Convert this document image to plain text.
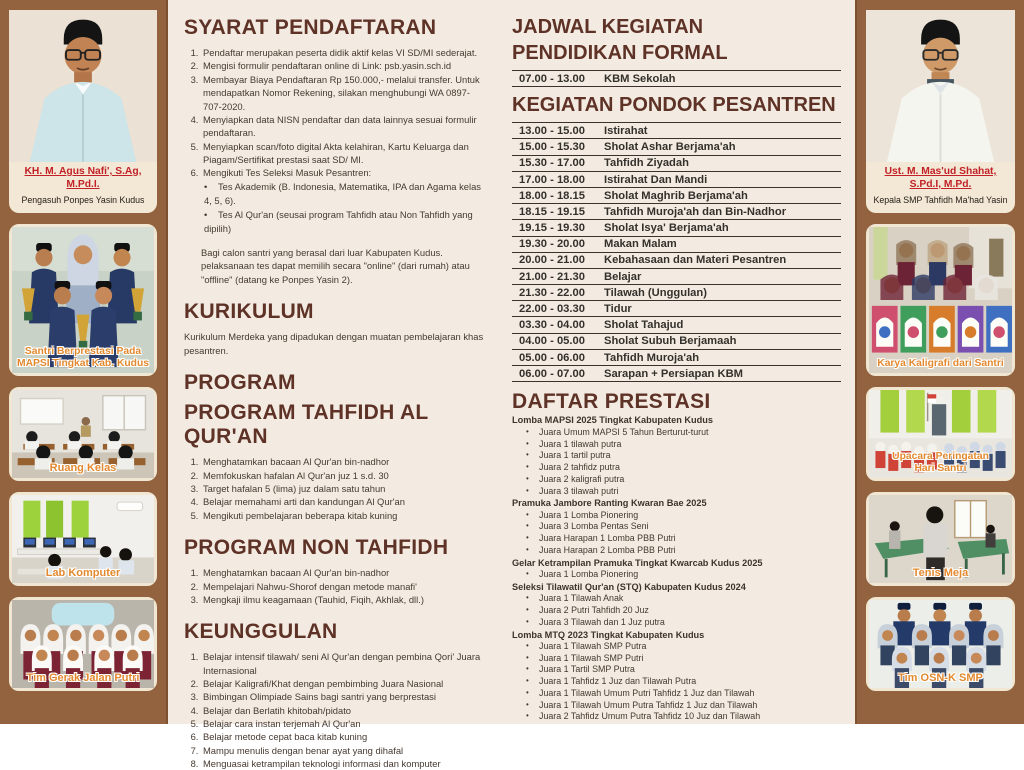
KH. M. Agus Nafi', S.Ag, M.Pd.I.
Pengasuh Ponpes Yasin Kudus
Santri Berprestasi Pada
MAPSI Tingkat Kab. Kudus
Ruang Kelas
Lab Komputer
Tim Gerak Jalan Putri
SYARAT PENDAFTARAN
1. Pendaftar merupakan peserta didik aktif kelas VI SD/MI sederajat.
2. Mengisi formulir pendaftaran online di Link: psb.yasin.sch.id
3. Membayar Biaya Pendaftaran Rp 150.000,- melalui transfer. Untuk mendapatkan Nomor Rekening, silakan menghubungi WA 0897-707-2020.
4. Menyiapkan data NISN pendaftar dan data lainnya sesuai formulir pendaftaran.
5. Menyiapkan scan/foto digital Akta kelahiran, Kartu Keluarga dan Piagam/Sertifikat prestasi saat SD/ MI.
6. Mengikuti Tes Seleksi Masuk Pesantren:
• Tes Akademik (B. Indonesia, Matematika, IPA dan Agama kelas 4, 5, 6).
• Tes Al Qur'an (seusai program Tahfidh atau Non Tahfidh yang dipilih)

Bagi calon santri yang berasal dari luar Kabupaten Kudus. pelaksanaan tes dapat memilih secara "online" (dari rumah) atau "offline" (datang ke Ponpes Yasin 2).

KURIKULUM

Kurikulum Merdeka yang dipadukan dengan muatan pembelajaran khas pesantren.

PROGRAM
PROGRAM TAHFIDH AL QUR'AN
1. Menghatamkan bacaan Al Qur'an bin-nadhor
2. Memfokuskan hafalan Al Qur'an juz 1 s.d. 30
3. Target hafalan 5 (lima) juz dalam satu tahun
4. Belajar memahami arti dan kandungan Al Qur'an
5. Mengikuti pembelajaran beberapa kitab kuning
PROGRAM NON TAHFIDH
1. Menghatamkan bacaan Al Qur'an bin-nadhor
2. Mempelajari Nahwu-Shorof dengan metode manafi'
3. Mengkaji ilmu keagamaan (Tauhid, Fiqih, Akhlak, dll.)
KEUNGGULAN
1. Belajar intensif tilawah/ seni Al Qur'an dengan pembina Qori' Juara Internasional
2. Belajar Kaligrafi/Khat dengan pembimbing Juara Nasional
3. Bimbingan Olimpiade Sains bagi santri yang berprestasi
4. Belajar dan Berlatih khitobah/pidato
5. Belajar cara instan terjemah Al Qur'an
6. Belajar metode cepat baca kitab kuning
7. Mampu menulis dengan benar ayat yang dihafal
8. Menguasai ketrampilan teknologi informasi dan komputer
JADWAL KEGIATAN
PENDIDIKAN FORMAL
07.00 - 13.00	KBM Sekolah
KEGIATAN PONDOK PESANTREN
13.00 - 15.00	Istirahat
15.00 - 15.30	Sholat Ashar Berjama'ah
15.30 - 17.00	Tahfidh Ziyadah
17.00 - 18.00	Istirahat Dan Mandi
18.00 - 18.15	Sholat Maghrib Berjama'ah
18.15 - 19.15	Tahfidh Muroja'ah dan Bin-Nadhor
19.15 - 19.30	Sholat Isya' Berjama'ah
19.30 - 20.00	Makan Malam
20.00 - 21.00	Kebahasaan dan Materi Pesantren
21.00 - 21.30	Belajar
21.30 - 22.00	Tilawah (Unggulan)
22.00 - 03.30	Tidur
03.30 - 04.00	Sholat Tahajud
04.00 - 05.00	Sholat Subuh Berjamaah
05.00 - 06.00	Tahfidh Muroja'ah
06.00 - 07.00	Sarapan + Persiapan KBM
DAFTAR PRESTASI
Lomba MAPSI 2025 Tingkat Kabupaten Kudus
• Juara Umum MAPSI 5 Tahun Berturut-turut
• Juara 1 tilawah putra
• Juara 1 tartil putra
• Juara 2 tahfidz putra
• Juara 2 kaligrafi putra
• Juara 3 tilawah putri
Pramuka Jambore Ranting Kwaran Bae 2025
• Juara 1 Lomba Pionering
• Juara 3 Lomba Pentas Seni
• Juara Harapan 1 Lomba PBB Putri
• Juara Harapan 2 Lomba PBB Putri
Gelar Ketrampilan Pramuka Tingkat Kwarcab Kudus 2025
• Juara 1 Lomba Pionering
Seleksi Tilawatil Qur'an (STQ) Kabupaten Kudus 2024
• Juara 1 Tilawah Anak
• Juara 2 Putri Tahfidh 20 Juz
• Juara 3 Tilawah dan 1 Juz putra
Lomba MTQ 2023 Tingkat Kabupaten Kudus
• Juara 1 Tilawah SMP Putra
• Juara 1 Tilawah SMP Putri
• Juara 1 Tartil SMP Putra
• Juara 1 Tahfidz 1 Juz dan Tilawah Putra
• Juara 1 Tilawah Umum Putri Tahfidz 1 Juz dan Tilawah
• Juara 1 Tilawah Umum Putra Tahfidz 1 Juz dan Tilawah
• Juara 2 Tahfidz Umum Putra Tahfidz 10 Juz dan Tilawah
Ust. M. Mas'ud Shahat, S.Pd.I, M.Pd.
Kepala SMP Tahfidh Ma'had Yasin
Karya Kaligrafi dari Santri
Upacara Peringatan
Hari Santri
Tenis Meja
Tim OSN-K SMP
